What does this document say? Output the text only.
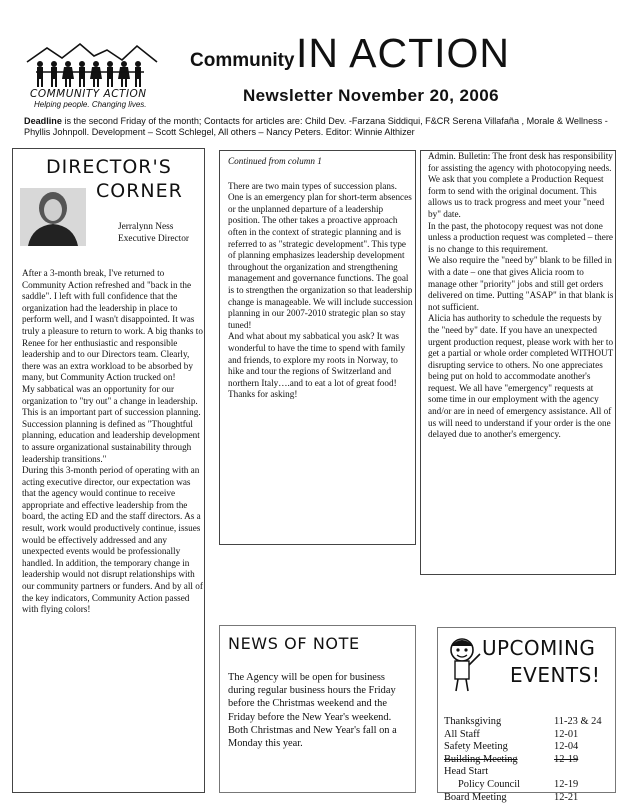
COMMUNITY ACTION
Helping people. Changing lives.
Community IN ACTION
Newsletter November 20, 2006
Deadline is the second Friday of the month; Contacts for articles are: Child Dev. -Farzana Siddiqui, F&CR Serena Villafaña , Morale & Wellness -Phyllis Johnpoll. Development – Scott Schlegel, All others – Nancy Peters. Editor: Winnie Althizer
DIRECTOR'S
CORNER
Jerralynn Ness
Executive Director

After a 3-month break, I've returned to Community Action refreshed and "back in the saddle". I left with full confidence that the organization had the leadership in place to perform well, and I wasn't disappointed. It was truly a pleasure to return to work. A big thanks to Renee for her enthusiastic and responsible leadership and to our Directors team. Clearly, there was an extra workload to be absorbed by many, but Community Action trucked on!

My sabbatical was an opportunity for our organization to "try out" a change in leadership. This is an important part of succession planning. Succession planning is defined as "Thoughtful planning, education and leadership development to assure organizational sustainability through leadership transitions."

During this 3-month period of operating with an acting executive director, our expectation was that the agency would continue to receive appropriate and effective leadership from the board, the acting ED and the staff directors. As a result, work would productively continue, issues would be effectively addressed and any unexpected events would be professionally handled. In addition, the temporary change in leadership would not disrupt relationships with our community partners or funders. And by all of the key indicators, Community Action passed with flying colors!

Continued from column 1

There are two main types of succession plans. One is an emergency plan for short-term absences or the unplanned departure of a leadership position. The other takes a proactive approach often in the context of strategic planning and is referred to as "strategic development". This type of planning emphasizes leadership development throughout the organization and strengthening management and governance functions. The goal is to strengthen the organization so that leadership change is manageable. We will include succession planning in our 2007-2010 strategic plan so stay tuned!

And what about my sabbatical you ask? It was wonderful to have the time to spend with family and friends, to explore my roots in Norway, to hike and tour the regions of Switzerland and northern Italy….and to eat a lot of great food! Thanks for asking!

Admin. Bulletin: The front desk has responsibility for assisting the agency with photocopying needs.

We ask that you complete a Production Request form to send with the original document. This allows us to track progress and meet your "need by" date.

In the past, the photocopy request was not done unless a production request was completed – there is no change to this requirement.

We also require the "need by" blank to be filled in with a date – one that gives Alicia room to manage other "priority" jobs and still get orders delivered on time. Putting "ASAP" in that blank is not sufficient.

Alicia has authority to schedule the requests by the "need by" date. If you have an unexpected urgent production request, please work with her to get a partial or whole order completed WITHOUT disrupting service to others. No one appreciates being put on hold to accommodate another's request. We all have "emergency" requests at some time in our employment with the agency and/or are in need of emergency assistance. All of us will need to understand if your order is the one delayed due to another's emergency.

NEWS OF NOTE
The Agency will be open for business during regular business hours the Friday before the Christmas weekend and the Friday before the New Year's weekend. Both Christmas and New Year's fall on a Monday this year.
UPCOMING
EVENTS!
Thanksgiving	11-23 & 24
All Staff	12-01
Safety Meeting	12-04
Building Meeting	12-19
Head Start
Policy Council	12-19
Board Meeting	12-21
